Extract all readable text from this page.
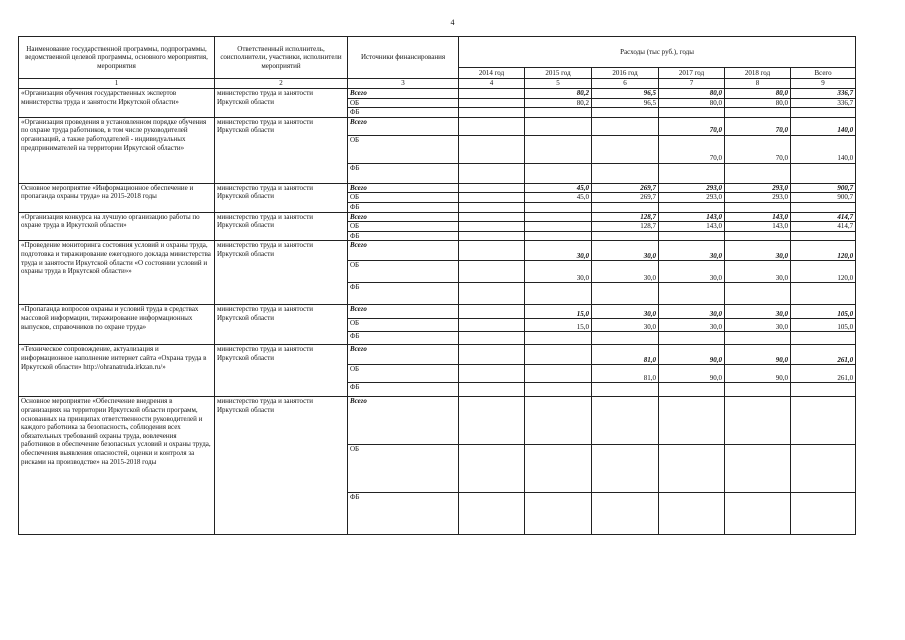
4
Наименование государственной программы, подпрограммы, ведомственной целевой программы, основного мероприятия, мероприятия	Ответственный исполнитель, соисполнители, участники, исполнители мероприятий	Источники финансирования	Расходы (тыс руб.), годы					
			2014 год	2015 год	2016 год	2017 год	2018 год	Всего
1	2	3	4	5	6	7	8	9
«Организация обучения государственных экспертов министерства труда и занятости Иркутской области»	министерство труда и занятости Иркутской области	Всего		80,2	96,5	80,0	80,0	336,7
		ОБ		80,2	96,5	80,0	80,0	336,7
		ФБ						
«Организация проведения в установленном порядке обучения по охране труда работников, в том числе руководителей организаций, а также работодателей - индивидуальных предпринимателей на территории Иркутской области»	министерство труда и занятости Иркутской области	Всего				70,0	70,0	140,0
		ОБ				70,0	70,0	140,0
		ФБ						
Основное мероприятие «Информационное обеспечение и пропаганда охраны труда» на 2015-2018 годы	министерство труда и занятости Иркутской области	Всего		45,0	269,7	293,0	293,0	900,7
		ОБ		45,0	269,7	293,0	293,0	900,7
		ФБ						
«Организация конкурса на лучшую организацию работы по охране труда в Иркутской области»	министерство труда и занятости Иркутской области	Всего			128,7	143,0	143,0	414,7
		ОБ			128,7	143,0	143,0	414,7
		ФБ						
«Проведение мониторинга состояния условий и охраны труда, подготовка и тиражирование ежегодного доклада министерства труда и занятости Иркутской области «О состоянии условий и охраны труда в Иркутской области»»	министерство труда и занятости Иркутской области	Всего		30,0	30,0	30,0	30,0	120,0
		ОБ		30,0	30,0	30,0	30,0	120,0
		ФБ						
«Пропаганда вопросов охраны и условий труда в средствах массовой информации, тиражирование информационных выпусков, справочников по охране труда»	министерство труда и занятости Иркутской области	Всего		15,0	30,0	30,0	30,0	105,0
		ОБ		15,0	30,0	30,0	30,0	105,0
		ФБ						
«Техническое сопровождение, актуализация и информационное наполнение интернет сайта «Охрана труда в Иркутской области» http://ohranatruda.irkzan.ru/»	министерство труда и занятости Иркутской области	Всего			81,0	90,0	90,0	261,0
		ОБ			81,0	90,0	90,0	261,0
		ФБ						
Основное мероприятие «Обеспечение внедрения в организациях на территории Иркутской области программ, основанных на принципах ответственности руководителей и каждого работника за безопасность, соблюдения всех обязательных требований охраны труда, вовлечения работников в обеспечение безопасных условий и охраны труда, обеспечения выявления опасностей, оценки и контроля за рисками на производстве» на 2015-2018 годы	министерство труда и занятости Иркутской области	Всего						
		ОБ						
		ФБ						
